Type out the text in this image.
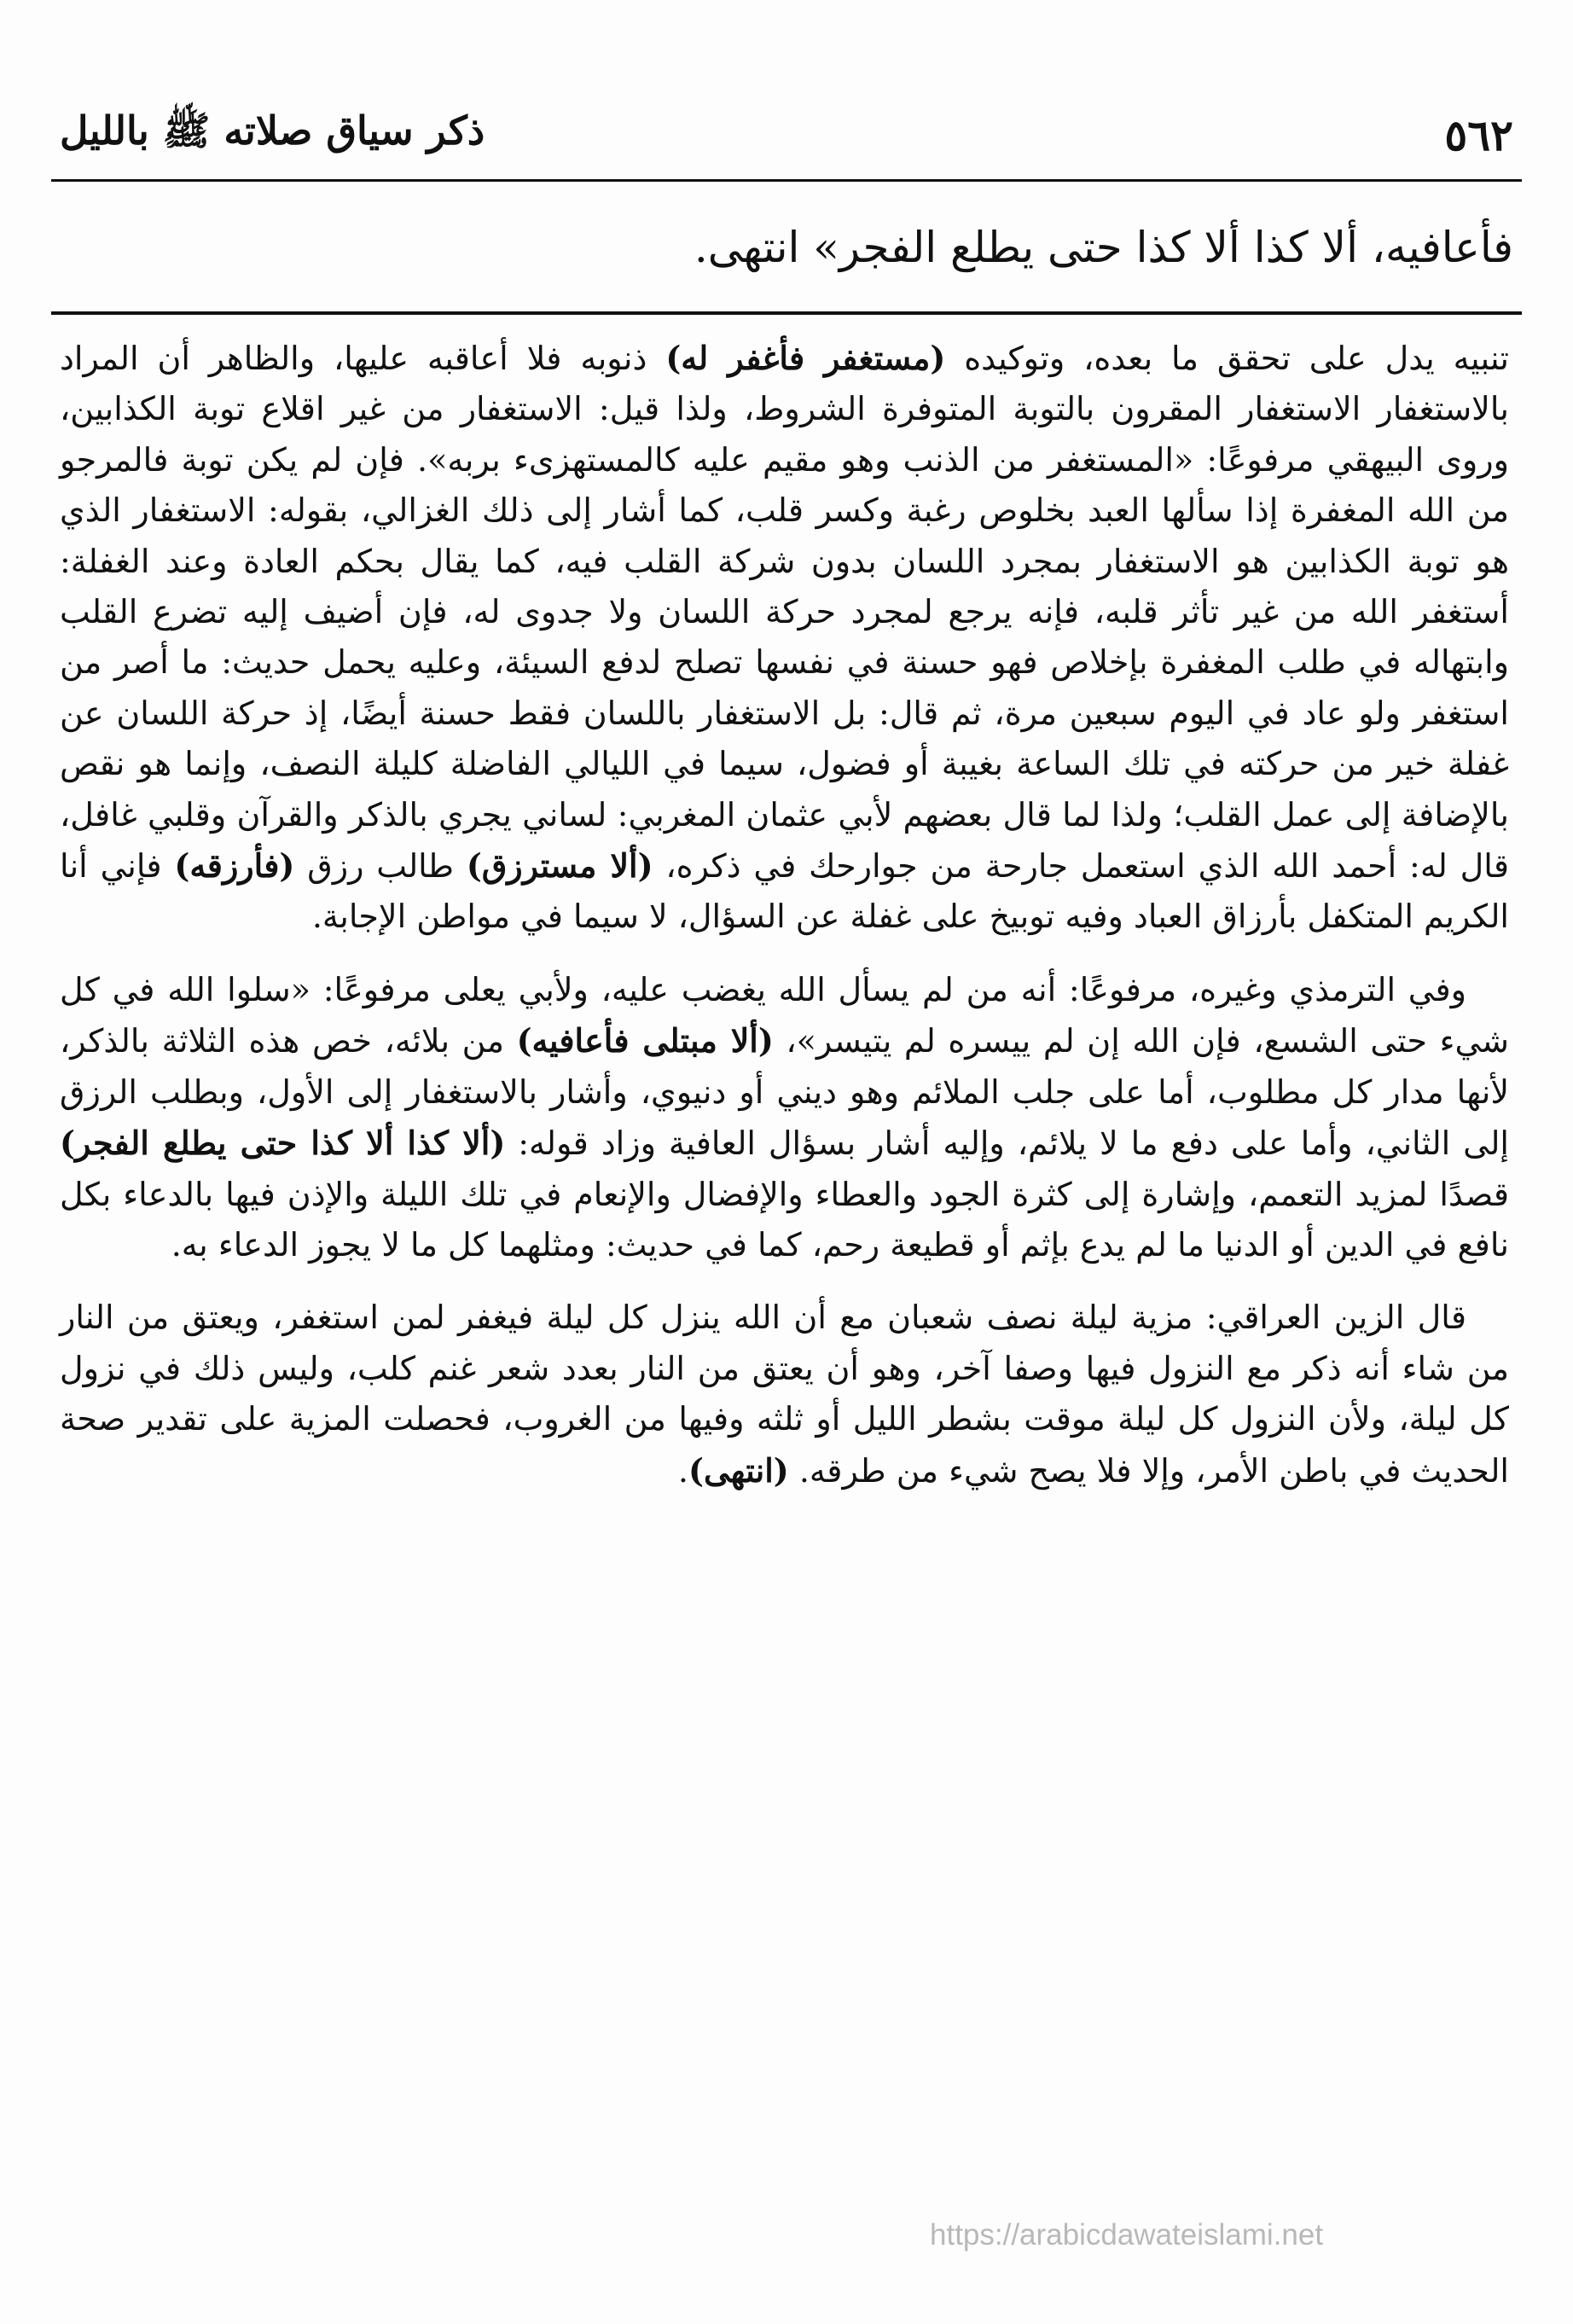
٥٦٢
ذكر سياق صلاته ﷺ بالليل
فأعافيه، ألا كذا ألا كذا حتى يطلع الفجر» انتهى.

تنبيه يدل على تحقق ما بعده، وتوكيده (مستغفر فأغفر له) ذنوبه فلا أعاقبه عليها، والظاهر أن المراد بالاستغفار الاستغفار المقرون بالتوبة المتوفرة الشروط، ولذا قيل: الاستغفار من غير اقلاع توبة الكذابين، وروى البيهقي مرفوعًا: «المستغفر من الذنب وهو مقيم عليه كالمستهزىء بربه». فإن لم يكن توبة فالمرجو من الله المغفرة إذا سألها العبد بخلوص رغبة وكسر قلب، كما أشار إلى ذلك الغزالي، بقوله: الاستغفار الذي هو توبة الكذابين هو الاستغفار بمجرد اللسان بدون شركة القلب فيه، كما يقال بحكم العادة وعند الغفلة: أستغفر الله من غير تأثر قلبه، فإنه يرجع لمجرد حركة اللسان ولا جدوى له، فإن أضيف إليه تضرع القلب وابتهاله في طلب المغفرة بإخلاص فهو حسنة في نفسها تصلح لدفع السيئة، وعليه يحمل حديث: ما أصر من استغفر ولو عاد في اليوم سبعين مرة، ثم قال: بل الاستغفار باللسان فقط حسنة أيضًا، إذ حركة اللسان عن غفلة خير من حركته في تلك الساعة بغيبة أو فضول، سيما في الليالي الفاضلة كليلة النصف، وإنما هو نقص بالإضافة إلى عمل القلب؛ ولذا لما قال بعضهم لأبي عثمان المغربي: لساني يجري بالذكر والقرآن وقلبي غافل، قال له: أحمد الله الذي استعمل جارحة من جوارحك في ذكره، (ألا مسترزق) طالب رزق (فأرزقه) فإني أنا الكريم المتكفل بأرزاق العباد وفيه توبيخ على غفلة عن السؤال، لا سيما في مواطن الإجابة.

وفي الترمذي وغيره، مرفوعًا: أنه من لم يسأل الله يغضب عليه، ولأبي يعلى مرفوعًا: «سلوا الله في كل شيء حتى الشسع، فإن الله إن لم ييسره لم يتيسر»، (ألا مبتلى فأعافيه) من بلائه، خص هذه الثلاثة بالذكر، لأنها مدار كل مطلوب، أما على جلب الملائم وهو ديني أو دنيوي، وأشار بالاستغفار إلى الأول، وبطلب الرزق إلى الثاني، وأما على دفع ما لا يلائم، وإليه أشار بسؤال العافية وزاد قوله: (ألا كذا ألا كذا حتى يطلع الفجر) قصدًا لمزيد التعمم، وإشارة إلى كثرة الجود والعطاء والإفضال والإنعام في تلك الليلة والإذن فيها بالدعاء بكل نافع في الدين أو الدنيا ما لم يدع بإثم أو قطيعة رحم، كما في حديث: ومثلهما كل ما لا يجوز الدعاء به.

قال الزين العراقي: مزية ليلة نصف شعبان مع أن الله ينزل كل ليلة فيغفر لمن استغفر، ويعتق من النار من شاء أنه ذكر مع النزول فيها وصفا آخر، وهو أن يعتق من النار بعدد شعر غنم كلب، وليس ذلك في نزول كل ليلة، ولأن النزول كل ليلة موقت بشطر الليل أو ثلثه وفيها من الغروب، فحصلت المزية على تقدير صحة الحديث في باطن الأمر، وإلا فلا يصح شيء من طرقه. (انتهى).

https://arabicdawateislami.net
